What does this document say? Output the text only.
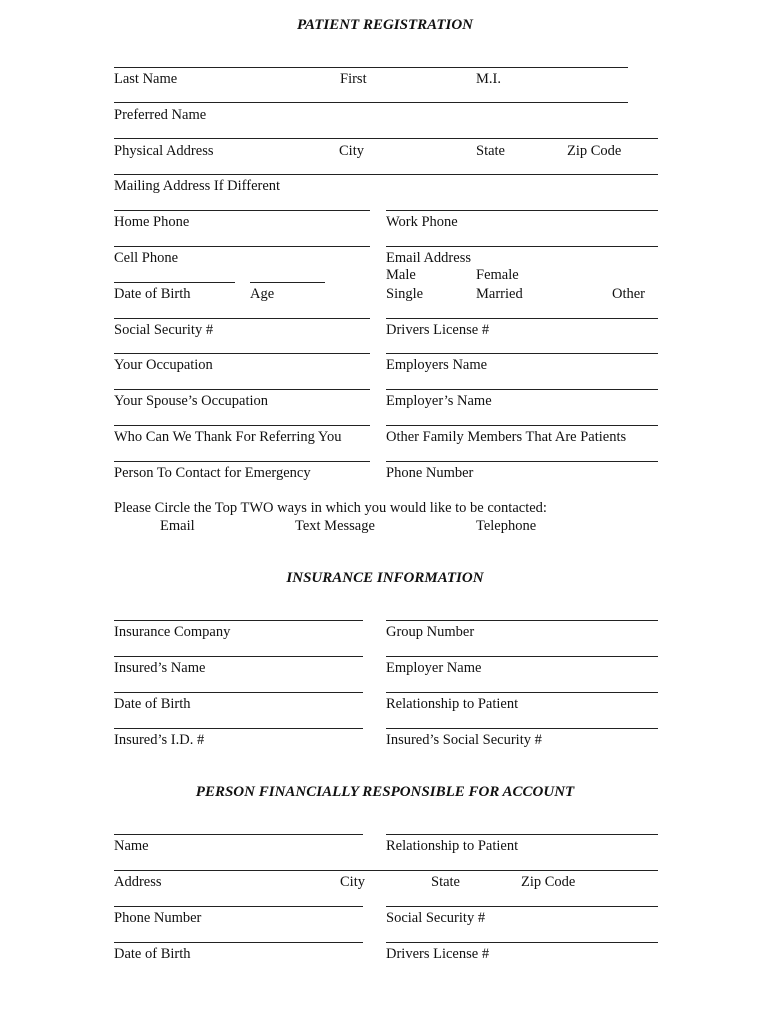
PATIENT REGISTRATION
Last Name	First	M.I.
Preferred Name
Physical Address	City	State	Zip Code
Mailing Address If Different
Home Phone	Work Phone
Cell Phone	Email Address
Male	Female
Date of Birth	Age	Single	Married	Other
Social Security #	Drivers License #
Your Occupation	Employers Name
Your Spouse’s Occupation	Employer’s Name
Who Can We Thank For Referring You	Other Family Members That Are Patients
Person To Contact for Emergency	Phone Number
Please Circle the Top TWO ways in which you would like to be contacted:
Email	Text Message	Telephone
INSURANCE INFORMATION
Insurance Company	Group Number
Insured’s Name	Employer Name
Date of Birth	Relationship to Patient
Insured’s I.D. #	Insured’s Social Security #
PERSON FINANCIALLY RESPONSIBLE FOR ACCOUNT
Name	Relationship to Patient
Address	City	State	Zip Code
Phone Number	Social Security #
Date of Birth	Drivers License #
